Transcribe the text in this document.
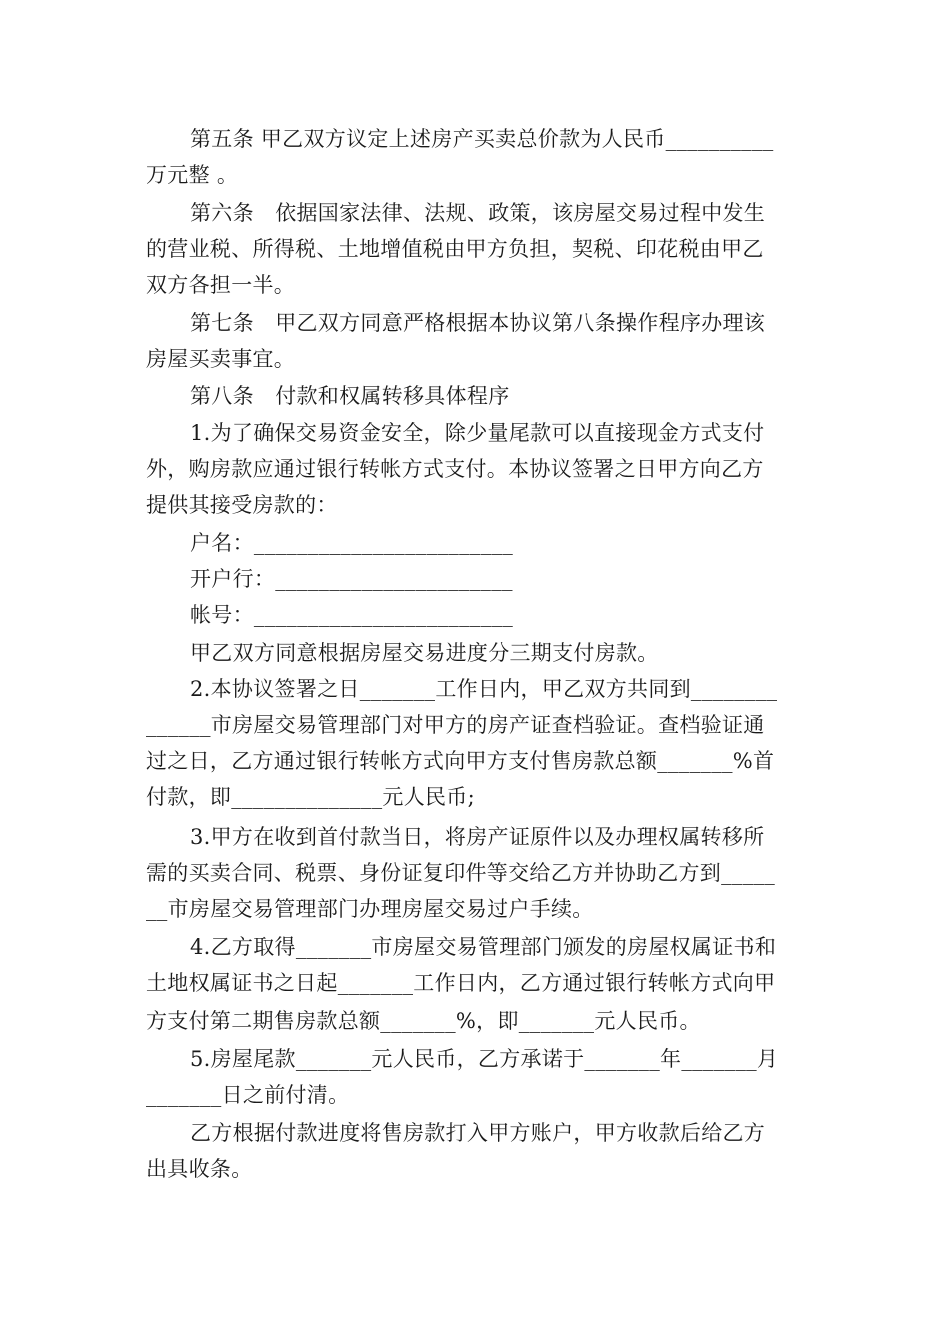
第五条 甲乙双方议定上述房产买卖总价款为人民币__________
万元整 。
第六条　依据国家法律、法规、政策，该房屋交易过程中发生
的营业税、所得税、土地增值税由甲方负担，契税、印花税由甲乙
双方各担一半。
第七条　甲乙双方同意严格根据本协议第八条操作程序办理该
房屋买卖事宜。
第八条　付款和权属转移具体程序
1.为了确保交易资金安全，除少量尾款可以直接现金方式支付
外，购房款应通过银行转帐方式支付。本协议签署之日甲方向乙方
提供其接受房款的：
户名：________________________
开户行：______________________
帐号：________________________
甲乙双方同意根据房屋交易进度分三期支付房款。
2.本协议签署之日_______工作日内，甲乙双方共同到________
______市房屋交易管理部门对甲方的房产证查档验证。查档验证通
过之日，乙方通过银行转帐方式向甲方支付售房款总额_______%首
付款，即______________元人民币;
3.甲方在收到首付款当日，将房产证原件以及办理权属转移所
需的买卖合同、税票、身份证复印件等交给乙方并协助乙方到_____
__市房屋交易管理部门办理房屋交易过户手续。
4.乙方取得_______市房屋交易管理部门颁发的房屋权属证书和
土地权属证书之日起_______工作日内，乙方通过银行转帐方式向甲
方支付第二期售房款总额_______%，即_______元人民币。
5.房屋尾款_______元人民币，乙方承诺于_______年_______月
_______日之前付清。
乙方根据付款进度将售房款打入甲方账户，甲方收款后给乙方
出具收条。
